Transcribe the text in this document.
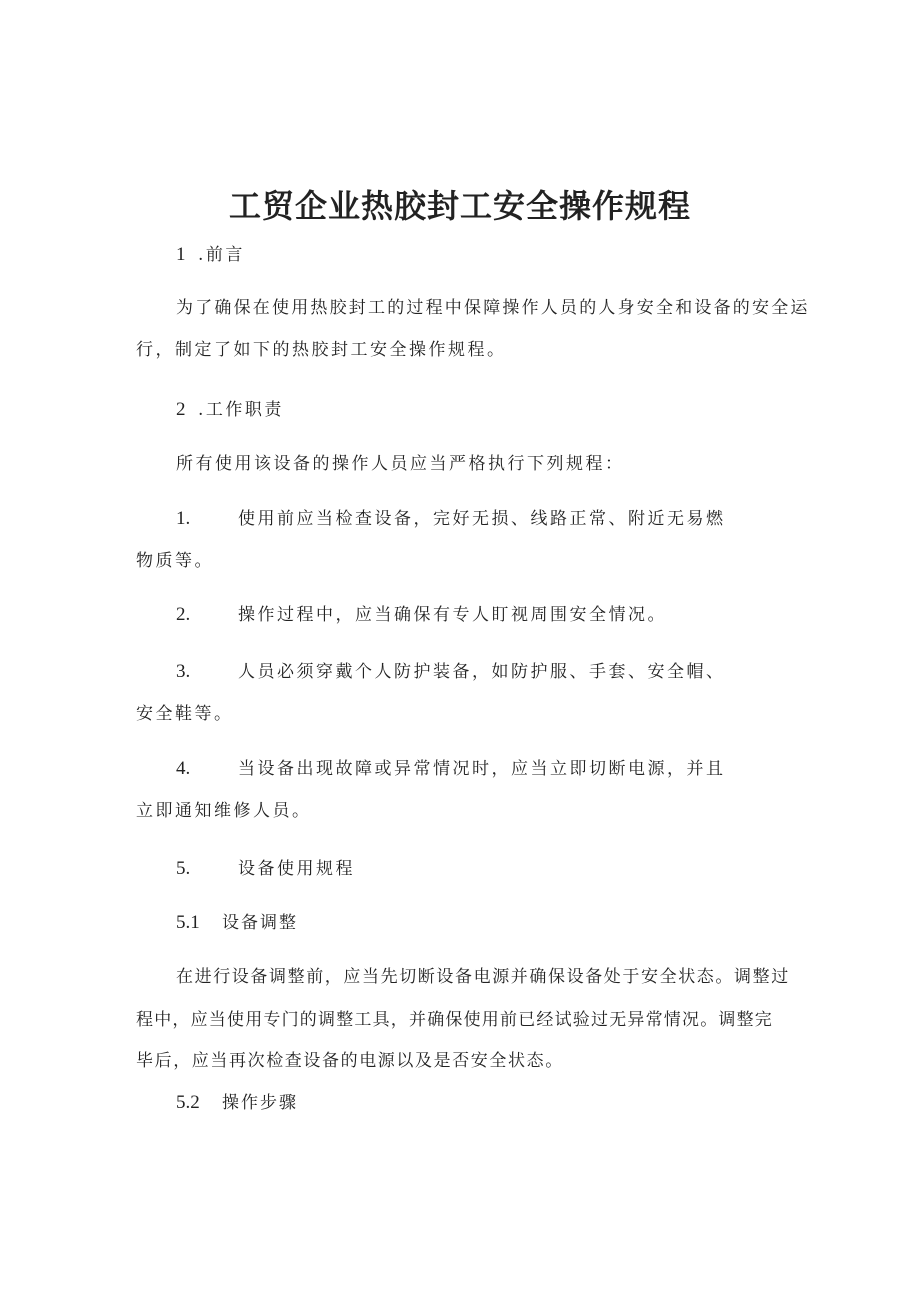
工贸企业热胶封工安全操作规程
1 .前言
为了确保在使用热胶封工的过程中保障操作人员的人身安全和设备的安全运
行，制定了如下的热胶封工安全操作规程。
2 .工作职责
所有使用该设备的操作人员应当严格执行下列规程：
1.	使用前应当检查设备，完好无损、线路正常、附近无易燃
物质等。
2.	操作过程中，应当确保有专人盯视周围安全情况。
3.	人员必须穿戴个人防护装备，如防护服、手套、安全帽、
安全鞋等。
4.	当设备出现故障或异常情况时，应当立即切断电源，并且
立即通知维修人员。
5.	设备使用规程
5.1 设备调整
在进行设备调整前，应当先切断设备电源并确保设备处于安全状态。调整过
程中，应当使用专门的调整工具，并确保使用前已经试验过无异常情况。调整完
毕后，应当再次检查设备的电源以及是否安全状态。
5.2 操作步骤
